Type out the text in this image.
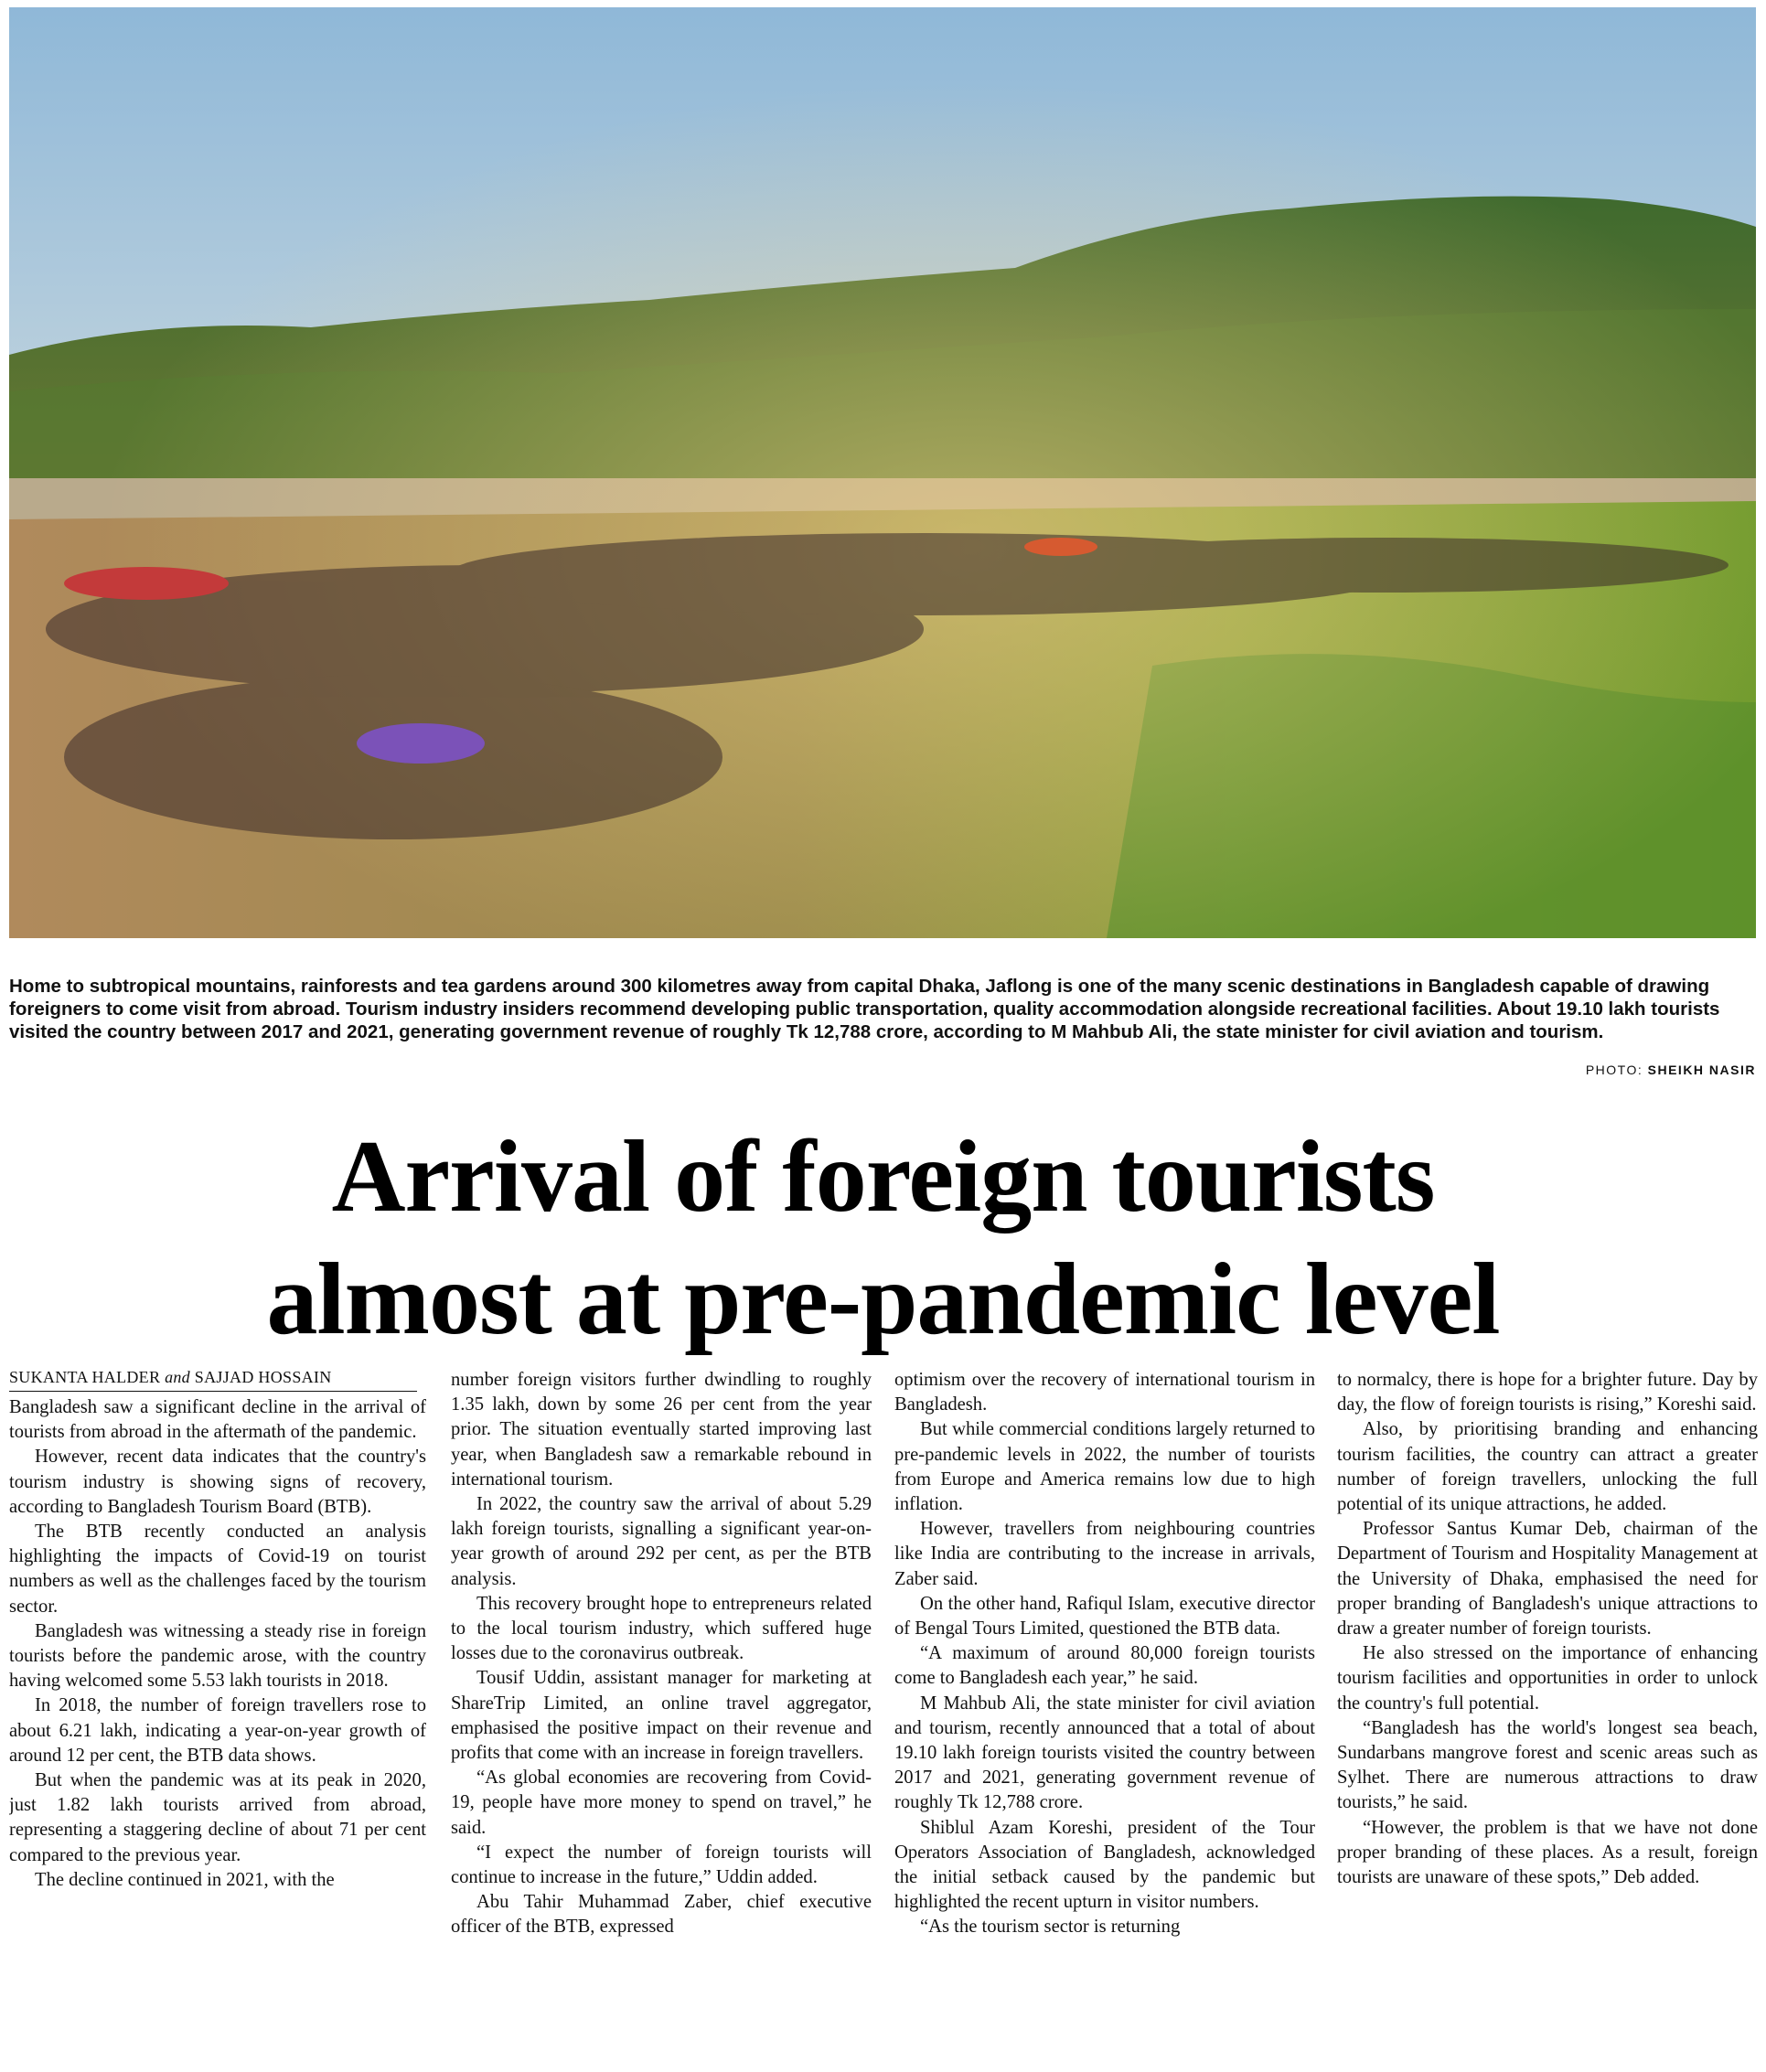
Home to subtropical mountains, rainforests and tea gardens around 300 kilometres away from capital Dhaka, Jaflong is one of the many scenic destinations in Bangladesh capable of drawing foreigners to come visit from abroad. Tourism industry insiders recommend developing public transportation, quality accommodation alongside recreational facilities. About 19.10 lakh tourists visited the country between 2017 and 2021, generating government revenue of roughly Tk 12,788 crore, according to M Mahbub Ali, the state minister for civil aviation and tourism.

PHOTO: SHEIKH NASIR
Arrival of foreign tourists
almost at pre-pandemic level
SUKANTA HALDER and SAJJAD HOSSAIN

Bangladesh saw a significant decline in the arrival of tourists from abroad in the aftermath of the pandemic.

However, recent data indicates that the country's tourism industry is showing signs of recovery, according to Bangladesh Tourism Board (BTB).

The BTB recently conducted an analysis highlighting the impacts of Covid-19 on tourist numbers as well as the challenges faced by the tourism sector.

Bangladesh was witnessing a steady rise in foreign tourists before the pandemic arose, with the country having welcomed some 5.53 lakh tourists in 2018.

In 2018, the number of foreign travellers rose to about 6.21 lakh, indicating a year-on-year growth of around 12 per cent, the BTB data shows.

But when the pandemic was at its peak in 2020, just 1.82 lakh tourists arrived from abroad, representing a staggering decline of about 71 per cent compared to the previous year.

The decline continued in 2021, with the

number foreign visitors further dwindling to roughly 1.35 lakh, down by some 26 per cent from the year prior. The situation eventually started improving last year, when Bangladesh saw a remarkable rebound in international tourism.

In 2022, the country saw the arrival of about 5.29 lakh foreign tourists, signalling a significant year-on-year growth of around 292 per cent, as per the BTB analysis.

This recovery brought hope to entrepreneurs related to the local tourism industry, which suffered huge losses due to the coronavirus outbreak.

Tousif Uddin, assistant manager for marketing at ShareTrip Limited, an online travel aggregator, emphasised the positive impact on their revenue and profits that come with an increase in foreign travellers.

“As global economies are recovering from Covid-19, people have more money to spend on travel,” he said.

“I expect the number of foreign tourists will continue to increase in the future,” Uddin added.

Abu Tahir Muhammad Zaber, chief executive officer of the BTB, expressed

optimism over the recovery of international tourism in Bangladesh.

But while commercial conditions largely returned to pre-pandemic levels in 2022, the number of tourists from Europe and America remains low due to high inflation.

However, travellers from neighbouring countries like India are contributing to the increase in arrivals, Zaber said.

On the other hand, Rafiqul Islam, executive director of Bengal Tours Limited, questioned the BTB data.

“A maximum of around 80,000 foreign tourists come to Bangladesh each year,” he said.

M Mahbub Ali, the state minister for civil aviation and tourism, recently announced that a total of about 19.10 lakh foreign tourists visited the country between 2017 and 2021, generating government revenue of roughly Tk 12,788 crore.

Shiblul Azam Koreshi, president of the Tour Operators Association of Bangladesh, acknowledged the initial setback caused by the pandemic but highlighted the recent upturn in visitor numbers.

“As the tourism sector is returning

to normalcy, there is hope for a brighter future. Day by day, the flow of foreign tourists is rising,” Koreshi said.

Also, by prioritising branding and enhancing tourism facilities, the country can attract a greater number of foreign travellers, unlocking the full potential of its unique attractions, he added.

Professor Santus Kumar Deb, chairman of the Department of Tourism and Hospitality Management at the University of Dhaka, emphasised the need for proper branding of Bangladesh's unique attractions to draw a greater number of foreign tourists.

He also stressed on the importance of enhancing tourism facilities and opportunities in order to unlock the country's full potential.

“Bangladesh has the world's longest sea beach, Sundarbans mangrove forest and scenic areas such as Sylhet. There are numerous attractions to draw tourists,” he said.

“However, the problem is that we have not done proper branding of these places. As a result, foreign tourists are unaware of these spots,” Deb added.
